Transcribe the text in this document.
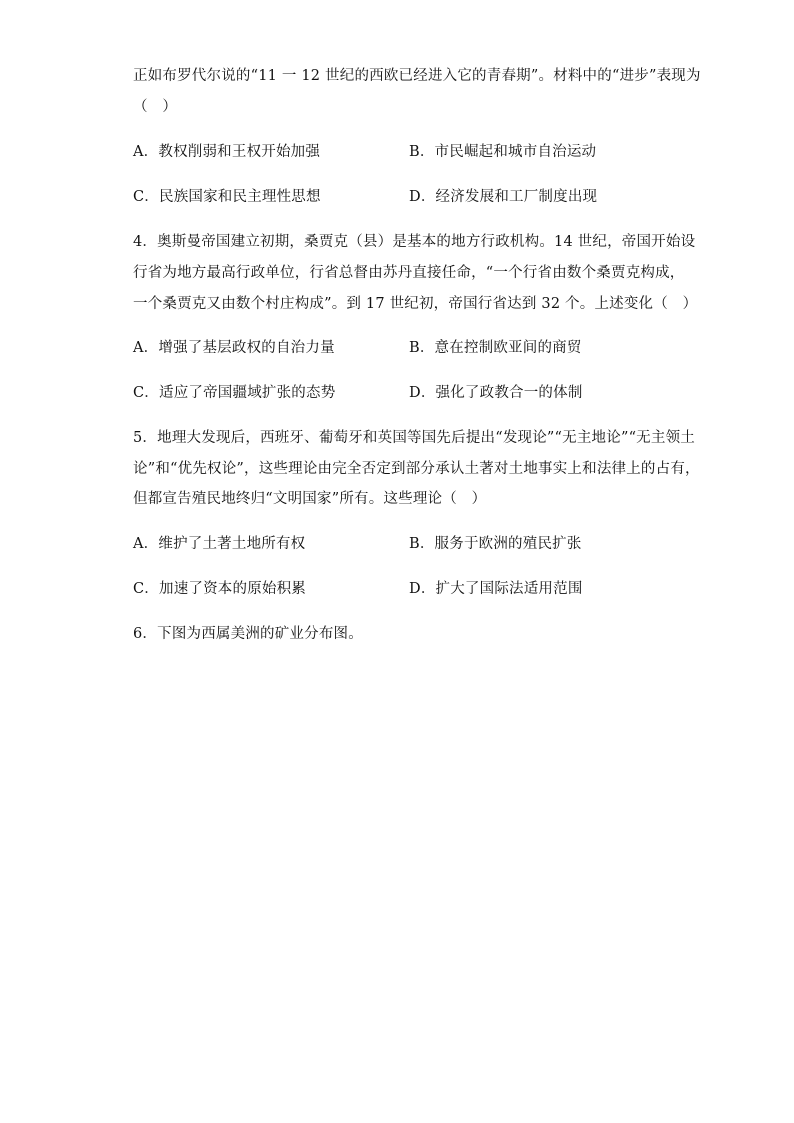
正如布罗代尔说的“11 一 12 世纪的西欧已经进入它的青春期”。材料中的“进步”表现为
（　）
A．教权削弱和王权开始加强	B．市民崛起和城市自治运动
C．民族国家和民主理性思想	D．经济发展和工厂制度出现
4．奥斯曼帝国建立初期，桑贾克（县）是基本的地方行政机构。14 世纪，帝国开始设
行省为地方最高行政单位，行省总督由苏丹直接任命，“一个行省由数个桑贾克构成，
一个桑贾克又由数个村庄构成”。到 17 世纪初，帝国行省达到 32 个。上述变化（　）
A．增强了基层政权的自治力量	B．意在控制欧亚间的商贸
C．适应了帝国疆域扩张的态势	D．强化了政教合一的体制
5．地理大发现后，西班牙、葡萄牙和英国等国先后提出“发现论”“无主地论”“无主领土
论”和“优先权论”，这些理论由完全否定到部分承认土著对土地事实上和法律上的占有，
但都宣告殖民地终归“文明国家”所有。这些理论（　）
A．维护了土著土地所有权	B．服务于欧洲的殖民扩张
C．加速了资本的原始积累	D．扩大了国际法适用范围
6．下图为西属美洲的矿业分布图。
